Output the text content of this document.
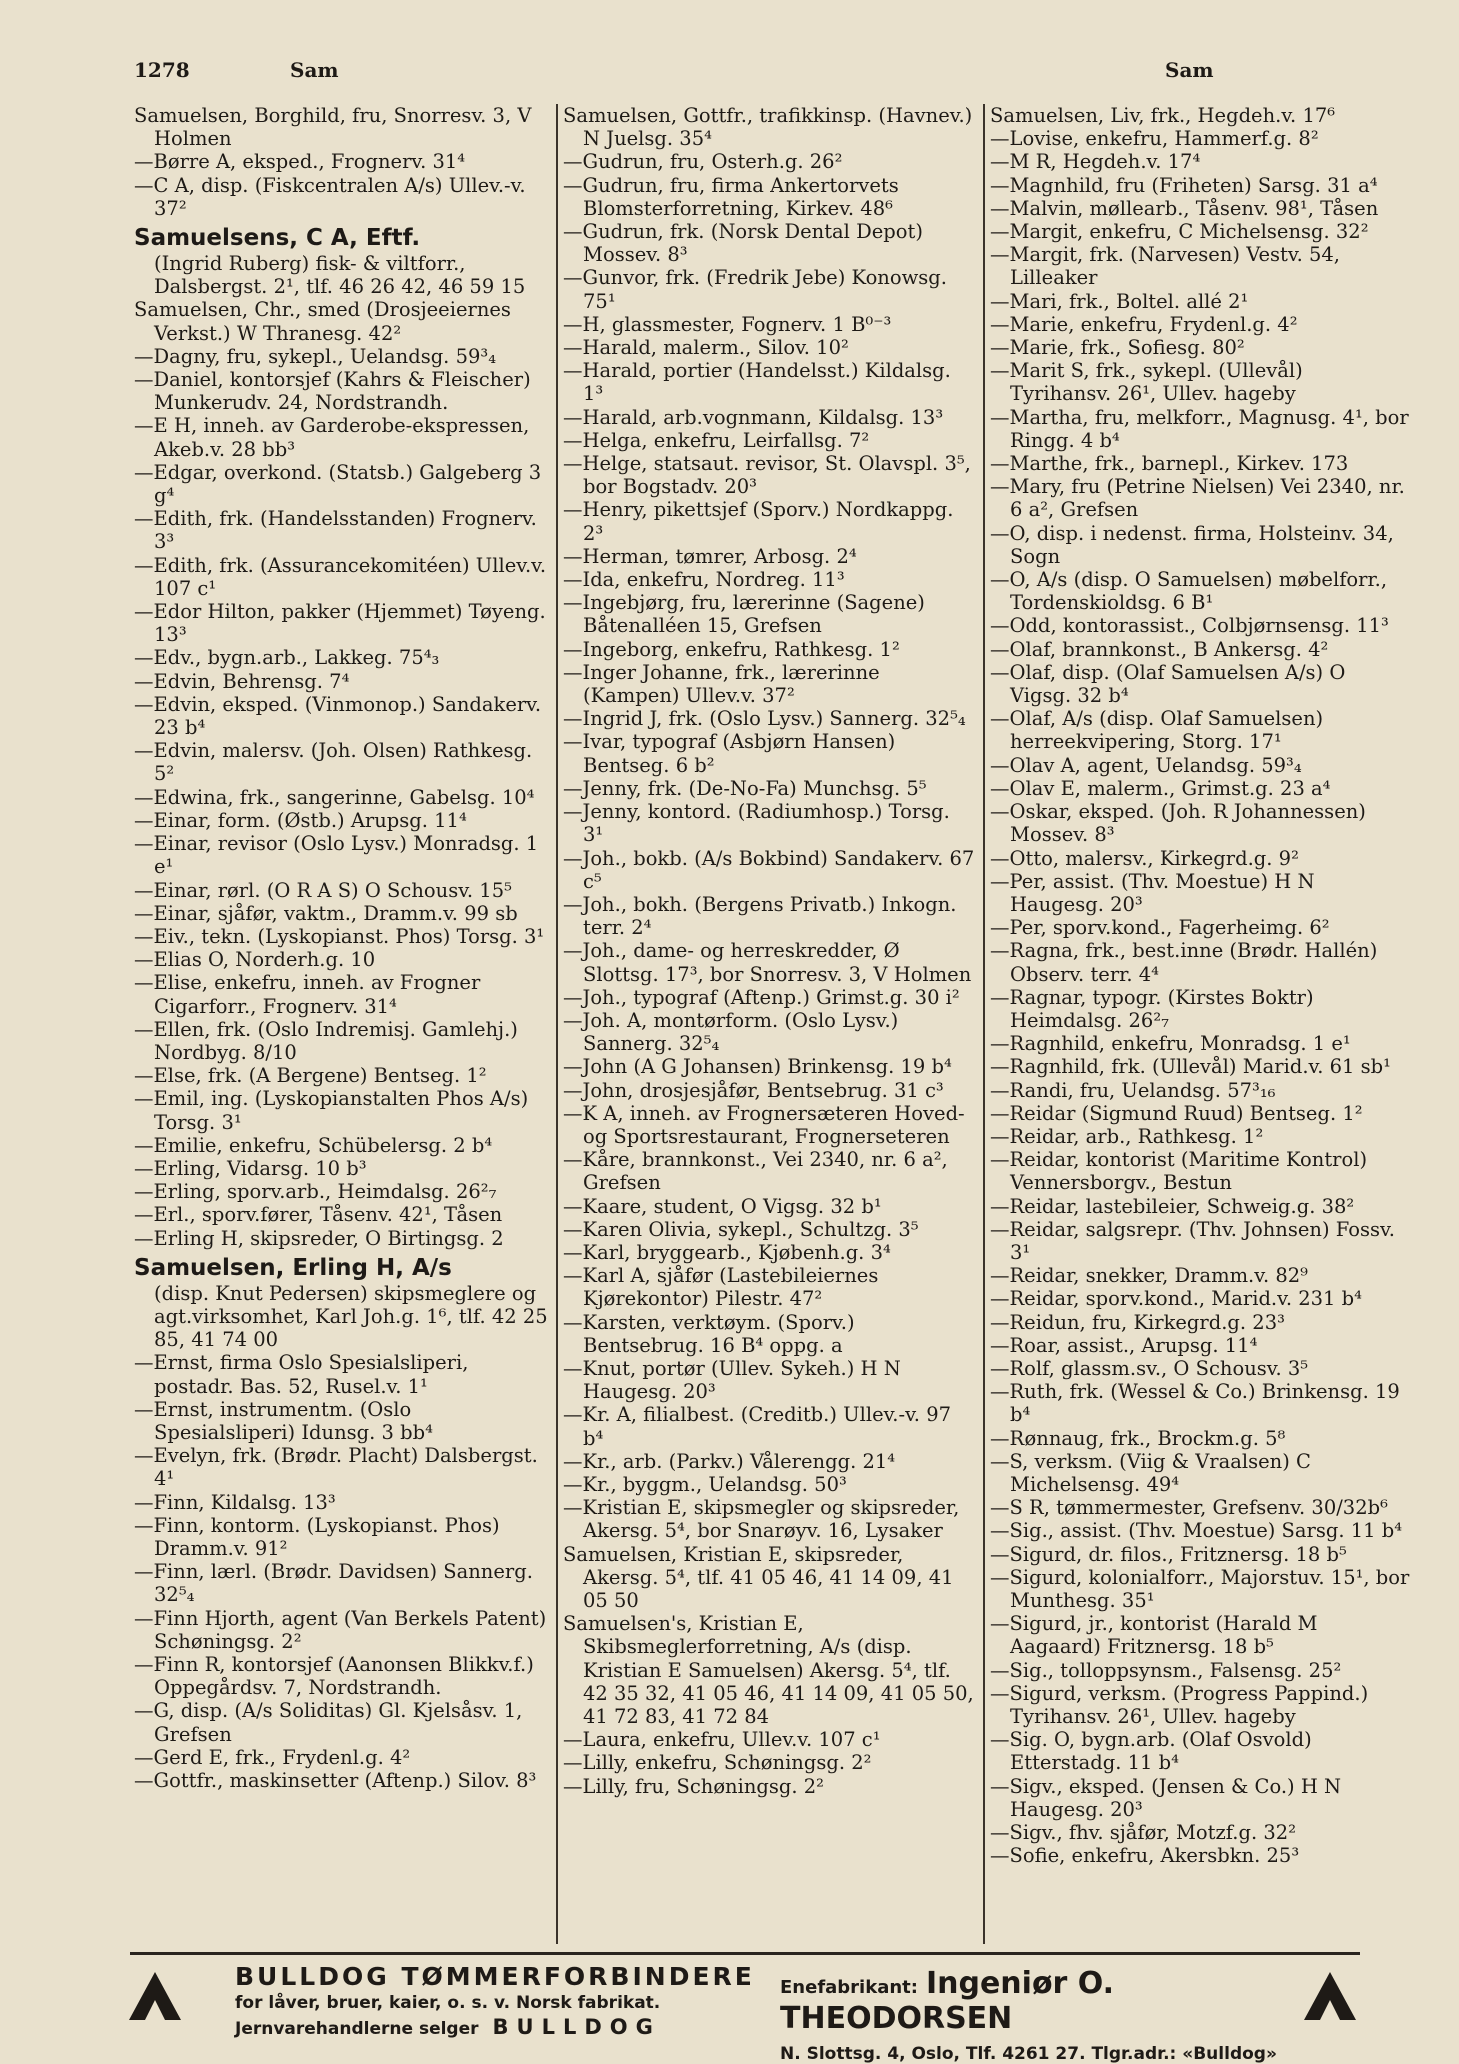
1278	Sam	Sam

Samuelsen, Borghild, fru, Snorresv. 3, V Holmen

—Børre A, eksped., Frognerv. 31⁴

—C A, disp. (Fiskcentralen A/s) Ullev.-v. 37²

Samuelsens, C A, Eftf.

(Ingrid Ruberg) fisk- & viltforr., Dalsbergst. 2¹, tlf. 46 26 42, 46 59 15

Samuelsen, Chr., smed (Drosjeeiernes Verkst.) W Thranesg. 42²

—Dagny, fru, sykepl., Uelandsg. 59³₄

—Daniel, kontorsjef (Kahrs & Fleischer) Munkerudv. 24, Nordstrandh.

—E H, inneh. av Garderobe-ekspressen, Akeb.v. 28 bb³

—Edgar, overkond. (Statsb.) Galgeberg 3 g⁴

—Edith, frk. (Handelsstanden) Frognerv. 3³

—Edith, frk. (Assurancekomitéen) Ullev.v. 107 c¹

—Edor Hilton, pakker (Hjemmet) Tøyeng. 13³

—Edv., bygn.arb., Lakkeg. 75⁴₃

—Edvin, Behrensg. 7⁴

—Edvin, eksped. (Vinmonop.) Sandakerv. 23 b⁴

—Edvin, malersv. (Joh. Olsen) Rathkesg. 5²

—Edwina, frk., sangerinne, Gabelsg. 10⁴

—Einar, form. (Østb.) Arupsg. 11⁴

—Einar, revisor (Oslo Lysv.) Monradsg. 1 e¹

—Einar, rørl. (O R A S) O Schousv. 15⁵

—Einar, sjåfør, vaktm., Dramm.v. 99 sb

—Eiv., tekn. (Lyskopianst. Phos) Torsg. 3¹

—Elias O, Norderh.g. 10

—Elise, enkefru, inneh. av Frogner Cigarforr., Frognerv. 31⁴

—Ellen, frk. (Oslo Indremisj. Gamlehj.) Nordbyg. 8/10

—Else, frk. (A Bergene) Bentseg. 1²

—Emil, ing. (Lyskopianstalten Phos A/s) Torsg. 3¹

—Emilie, enkefru, Schübelersg. 2 b⁴

—Erling, Vidarsg. 10 b³

—Erling, sporv.arb., Heimdalsg. 26²₇

—Erl., sporv.fører, Tåsenv. 42¹, Tåsen

—Erling H, skipsreder, O Birtingsg. 2

Samuelsen, Erling H, A/s

(disp. Knut Pedersen) skipsmeglere og agt.virksomhet, Karl Joh.g. 1⁶, tlf. 42 25 85, 41 74 00

—Ernst, firma Oslo Spesialsliperi, postadr. Bas. 52, Rusel.v. 1¹

—Ernst, instrumentm. (Oslo Spesialsliperi) Idunsg. 3 bb⁴

—Evelyn, frk. (Brødr. Placht) Dalsbergst. 4¹

—Finn, Kildalsg. 13³

—Finn, kontorm. (Lyskopianst. Phos) Dramm.v. 91²

—Finn, lærl. (Brødr. Davidsen) Sannerg. 32⁵₄

—Finn Hjorth, agent (Van Berkels Patent) Schøningsg. 2²

—Finn R, kontorsjef (Aanonsen Blikkv.f.) Oppegårdsv. 7, Nordstrandh.

—G, disp. (A/s Soliditas) Gl. Kjelsåsv. 1, Grefsen

—Gerd E, frk., Frydenl.g. 4²

—Gottfr., maskinsetter (Aftenp.) Silov. 8³

Samuelsen, Gottfr., trafikkinsp. (Havnev.) N Juelsg. 35⁴

—Gudrun, fru, Osterh.g. 26²

—Gudrun, fru, firma Ankertorvets Blomsterforretning, Kirkev. 48⁶

—Gudrun, frk. (Norsk Dental Depot) Mossev. 8³

—Gunvor, frk. (Fredrik Jebe) Konowsg. 75¹

—H, glassmester, Fognerv. 1 B⁰⁻³

—Harald, malerm., Silov. 10²

—Harald, portier (Handelsst.) Kildalsg. 1³

—Harald, arb.vognmann, Kildalsg. 13³

—Helga, enkefru, Leirfallsg. 7²

—Helge, statsaut. revisor, St. Olavspl. 3⁵, bor Bogstadv. 20³

—Henry, pikettsjef (Sporv.) Nordkappg. 2³

—Herman, tømrer, Arbosg. 2⁴

—Ida, enkefru, Nordreg. 11³

—Ingebjørg, fru, lærerinne (Sagene) Båtenalléen 15, Grefsen

—Ingeborg, enkefru, Rathkesg. 1²

—Inger Johanne, frk., lærerinne (Kampen) Ullev.v. 37²

—Ingrid J, frk. (Oslo Lysv.) Sannerg. 32⁵₄

—Ivar, typograf (Asbjørn Hansen) Bentseg. 6 b²

—Jenny, frk. (De-No-Fa) Munchsg. 5⁵

—Jenny, kontord. (Radiumhosp.) Torsg. 3¹

—Joh., bokb. (A/s Bokbind) Sandakerv. 67 c⁵

—Joh., bokh. (Bergens Privatb.) Inkogn. terr. 2⁴

—Joh., dame- og herreskredder, Ø Slottsg. 17³, bor Snorresv. 3, V Holmen

—Joh., typograf (Aftenp.) Grimst.g. 30 i²

—Joh. A, montørform. (Oslo Lysv.) Sannerg. 32⁵₄

—John (A G Johansen) Brinkensg. 19 b⁴

—John, drosjesjåfør, Bentsebrug. 31 c³

—K A, inneh. av Frognersæteren Hoved- og Sportsrestaurant, Frognerseteren

—Kåre, brannkonst., Vei 2340, nr. 6 a², Grefsen

—Kaare, student, O Vigsg. 32 b¹

—Karen Olivia, sykepl., Schultzg. 3⁵

—Karl, bryggearb., Kjøbenh.g. 3⁴

—Karl A, sjåfør (Lastebileiernes Kjørekontor) Pilestr. 47²

—Karsten, verktøym. (Sporv.) Bentsebrug. 16 B⁴ oppg. a

—Knut, portør (Ullev. Sykeh.) H N Haugesg. 20³

—Kr. A, filialbest. (Creditb.) Ullev.-v. 97 b⁴

—Kr., arb. (Parkv.) Vålerengg. 21⁴

—Kr., byggm., Uelandsg. 50³

—Kristian E, skipsmegler og skipsreder, Akersg. 5⁴, bor Snarøyv. 16, Lysaker

Samuelsen, Kristian E, skipsreder, Akersg. 5⁴, tlf. 41 05 46, 41 14 09, 41 05 50

Samuelsen's, Kristian E, Skibsmeglerforretning, A/s (disp. Kristian E Samuelsen) Akersg. 5⁴, tlf. 42 35 32, 41 05 46, 41 14 09, 41 05 50, 41 72 83, 41 72 84

—Laura, enkefru, Ullev.v. 107 c¹

—Lilly, enkefru, Schøningsg. 2²

—Lilly, fru, Schøningsg. 2²

Samuelsen, Liv, frk., Hegdeh.v. 17⁶

—Lovise, enkefru, Hammerf.g. 8²

—M R, Hegdeh.v. 17⁴

—Magnhild, fru (Friheten) Sarsg. 31 a⁴

—Malvin, møllearb., Tåsenv. 98¹, Tåsen

—Margit, enkefru, C Michelsensg. 32²

—Margit, frk. (Narvesen) Vestv. 54, Lilleaker

—Mari, frk., Boltel. allé 2¹

—Marie, enkefru, Frydenl.g. 4²

—Marie, frk., Sofiesg. 80²

—Marit S, frk., sykepl. (Ullevål) Tyrihansv. 26¹, Ullev. hageby

—Martha, fru, melkforr., Magnusg. 4¹, bor Ringg. 4 b⁴

—Marthe, frk., barnepl., Kirkev. 173

—Mary, fru (Petrine Nielsen) Vei 2340, nr. 6 a², Grefsen

—O, disp. i nedenst. firma, Holsteinv. 34, Sogn

—O, A/s (disp. O Samuelsen) møbelforr., Tordenskioldsg. 6 B¹

—Odd, kontorassist., Colbjørnsensg. 11³

—Olaf, brannkonst., B Ankersg. 4²

—Olaf, disp. (Olaf Samuelsen A/s) O Vigsg. 32 b⁴

—Olaf, A/s (disp. Olaf Samuelsen) herreekvipering, Storg. 17¹

—Olav A, agent, Uelandsg. 59³₄

—Olav E, malerm., Grimst.g. 23 a⁴

—Oskar, eksped. (Joh. R Johannessen) Mossev. 8³

—Otto, malersv., Kirkegrd.g. 9²

—Per, assist. (Thv. Moestue) H N Haugesg. 20³

—Per, sporv.kond., Fagerheimg. 6²

—Ragna, frk., best.inne (Brødr. Hallén) Observ. terr. 4⁴

—Ragnar, typogr. (Kirstes Boktr) Heimdalsg. 26²₇

—Ragnhild, enkefru, Monradsg. 1 e¹

—Ragnhild, frk. (Ullevål) Marid.v. 61 sb¹

—Randi, fru, Uelandsg. 57³₁₆

—Reidar (Sigmund Ruud) Bentseg. 1²

—Reidar, arb., Rathkesg. 1²

—Reidar, kontorist (Maritime Kontrol) Vennersborgv., Bestun

—Reidar, lastebileier, Schweig.g. 38²

—Reidar, salgsrepr. (Thv. Johnsen) Fossv. 3¹

—Reidar, snekker, Dramm.v. 82⁹

—Reidar, sporv.kond., Marid.v. 231 b⁴

—Reidun, fru, Kirkegrd.g. 23³

—Roar, assist., Arupsg. 11⁴

—Rolf, glassm.sv., O Schousv. 3⁵

—Ruth, frk. (Wessel & Co.) Brinkensg. 19 b⁴

—Rønnaug, frk., Brockm.g. 5⁸

—S, verksm. (Viig & Vraalsen) C Michelsensg. 49⁴

—S R, tømmermester, Grefsenv. 30/32b⁶

—Sig., assist. (Thv. Moestue) Sarsg. 11 b⁴

—Sigurd, dr. filos., Fritznersg. 18 b⁵

—Sigurd, kolonialforr., Majorstuv. 15¹, bor Munthesg. 35¹

—Sigurd, jr., kontorist (Harald M Aagaard) Fritznersg. 18 b⁵

—Sig., tolloppsynsm., Falsensg. 25²

—Sigurd, verksm. (Progress Pappind.) Tyrihansv. 26¹, Ullev. hageby

—Sig. O, bygn.arb. (Olaf Osvold) Etterstadg. 11 b⁴

—Sigv., eksped. (Jensen & Co.) H N Haugesg. 20³

—Sigv., fhv. sjåfør, Motzf.g. 32²

—Sofie, enkefru, Akersbkn. 25³

BULLDOG TØMMERFORBINDERE
for låver, bruer, kaier, o. s. v. Norsk fabrikat.
Jernvarehandlerne selger BULLDOG
Enefabrikant: Ingeniør O. THEODORSEN
N. Slottsg. 4, Oslo, Tlf. 4261 27. Tlgr.adr.: «Bulldog»
